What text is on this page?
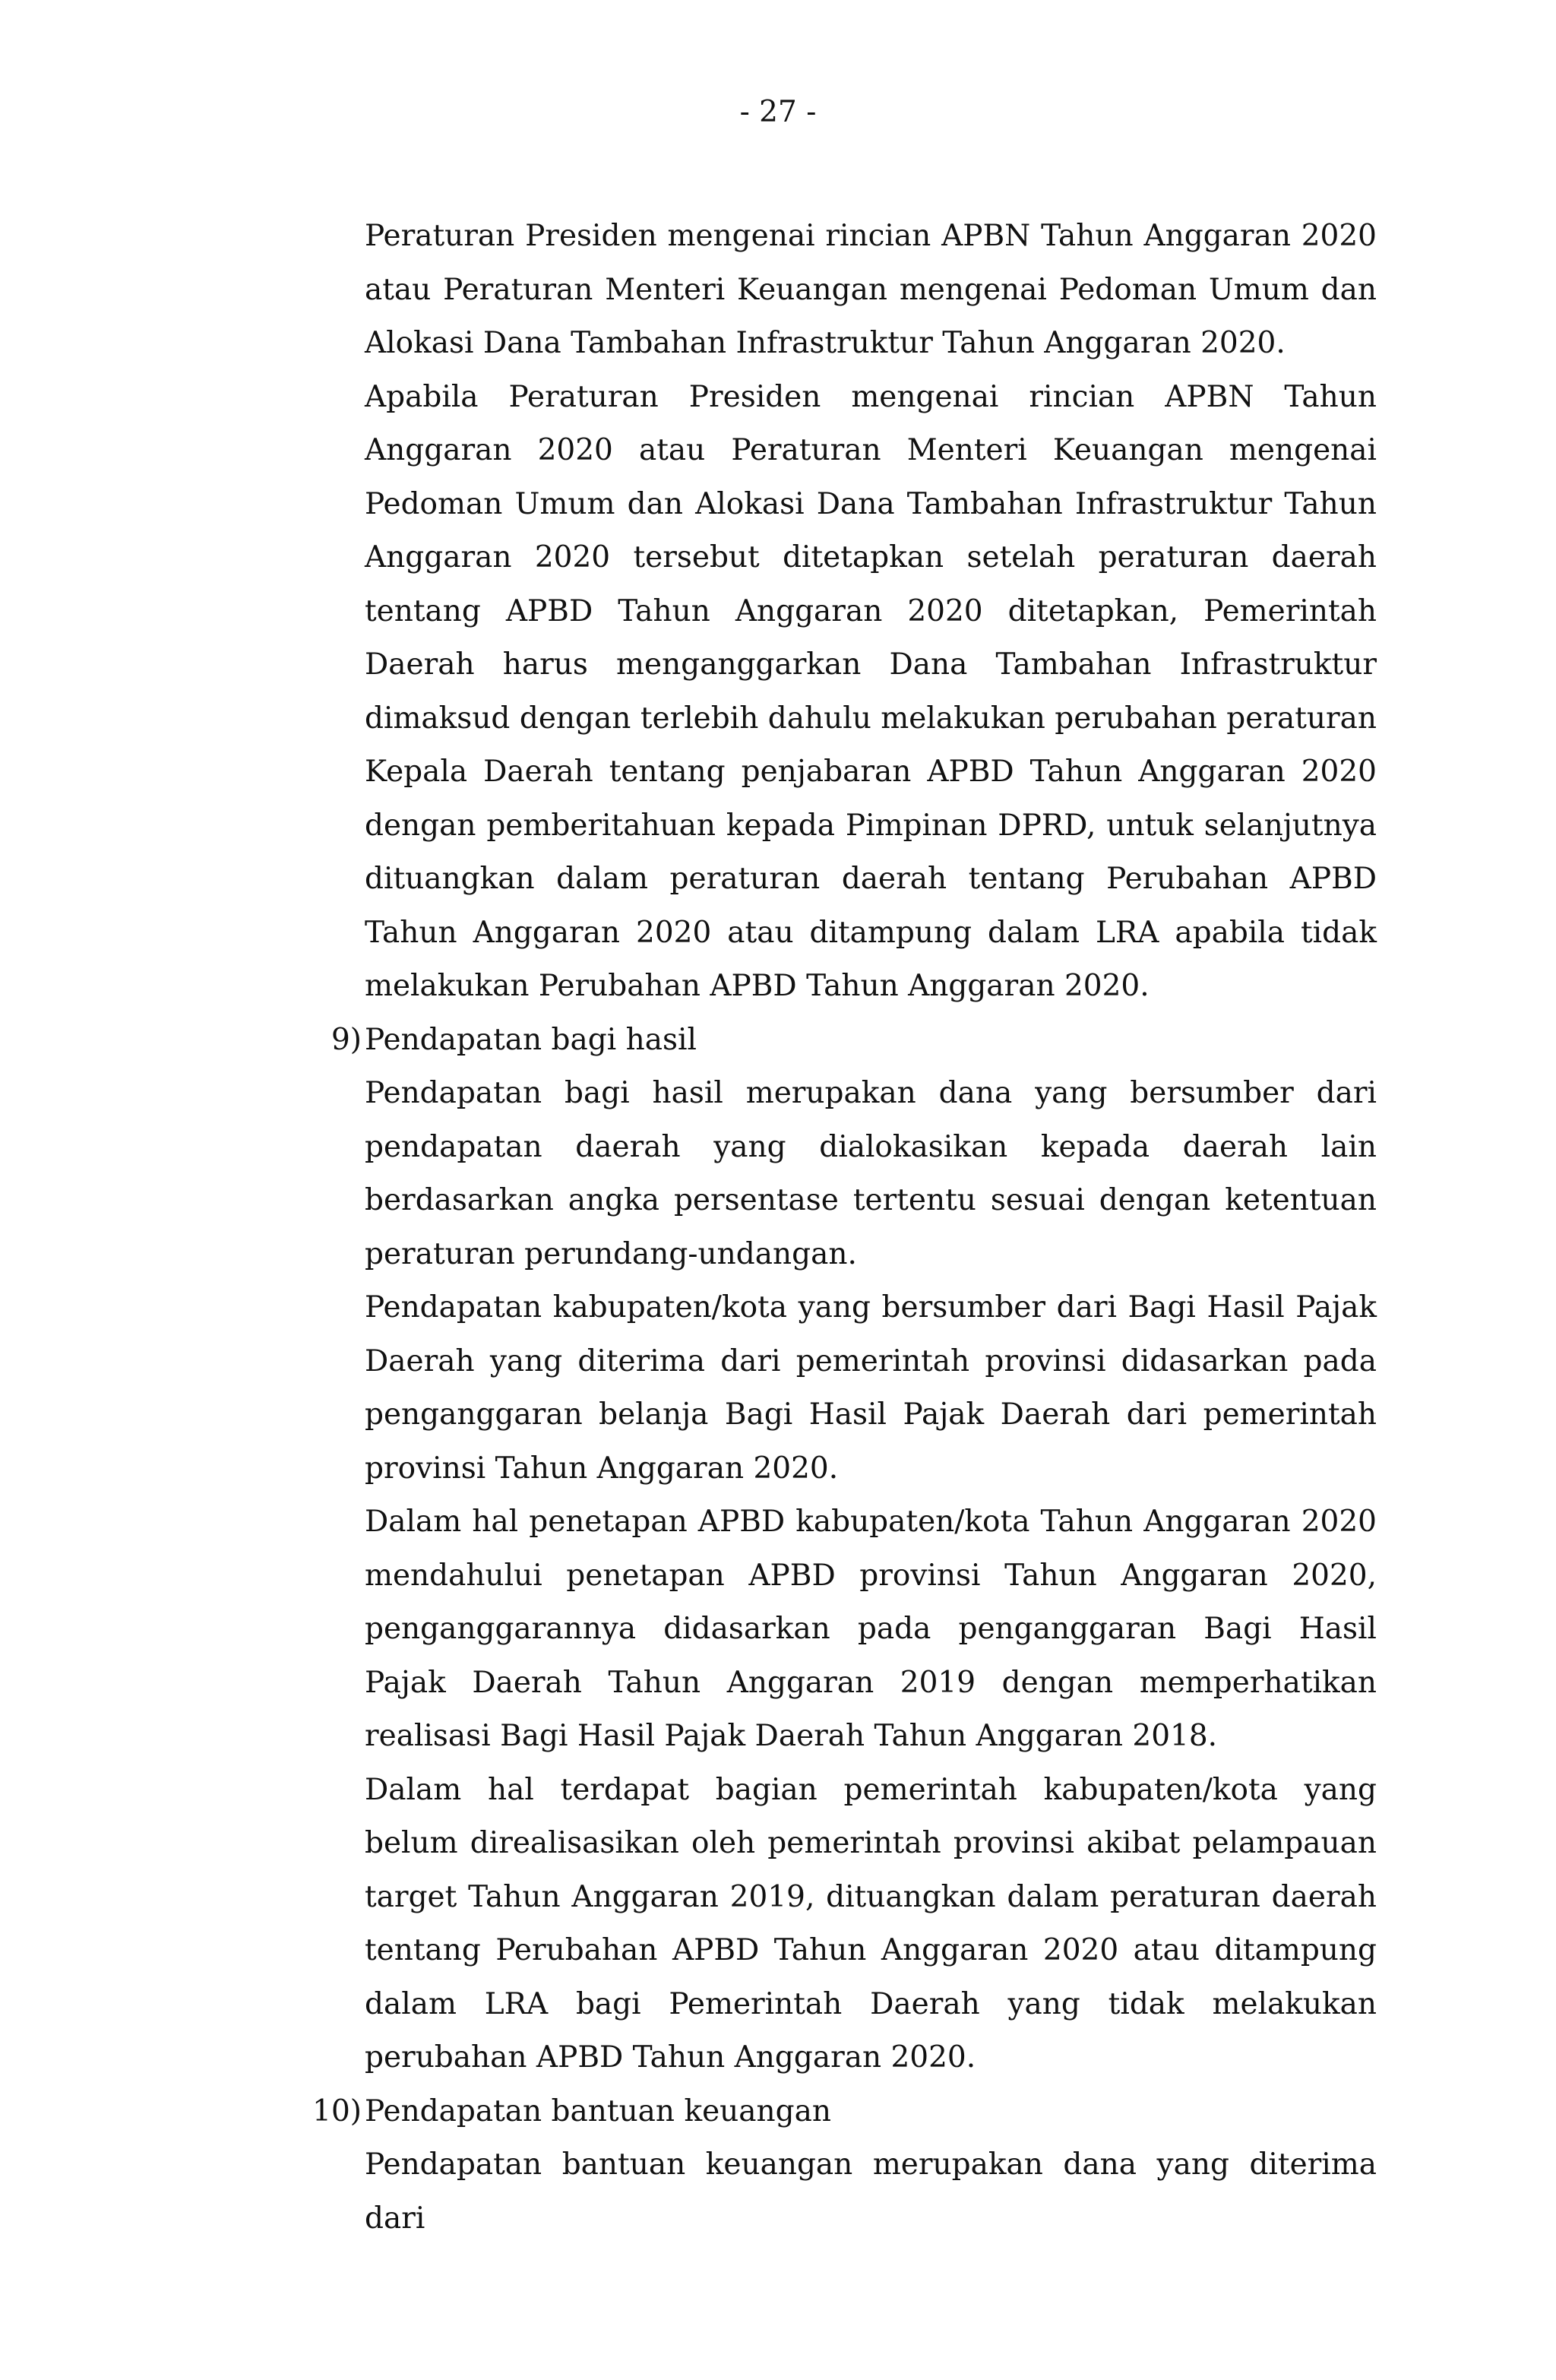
- 27 -

Peraturan Presiden mengenai rincian APBN Tahun Anggaran 2020 atau Peraturan Menteri Keuangan mengenai Pedoman Umum dan Alokasi Dana Tambahan Infrastruktur Tahun Anggaran 2020.

Apabila Peraturan Presiden mengenai rincian APBN Tahun Anggaran 2020 atau Peraturan Menteri Keuangan mengenai Pedoman Umum dan Alokasi Dana Tambahan Infrastruktur Tahun Anggaran 2020 tersebut ditetapkan setelah peraturan daerah tentang APBD Tahun Anggaran 2020 ditetapkan, Pemerintah Daerah harus menganggarkan Dana Tambahan Infrastruktur dimaksud dengan terlebih dahulu melakukan perubahan peraturan Kepala Daerah tentang penjabaran APBD Tahun Anggaran 2020 dengan pemberitahuan kepada Pimpinan DPRD, untuk selanjutnya dituangkan dalam peraturan daerah tentang Perubahan APBD Tahun Anggaran 2020 atau ditampung dalam LRA apabila tidak melakukan Perubahan APBD Tahun Anggaran 2020.

9) Pendapatan bagi hasil

Pendapatan bagi hasil merupakan dana yang bersumber dari pendapatan daerah yang dialokasikan kepada daerah lain berdasarkan angka persentase tertentu sesuai dengan ketentuan peraturan perundang-undangan.

Pendapatan kabupaten/kota yang bersumber dari Bagi Hasil Pajak Daerah yang diterima dari pemerintah provinsi didasarkan pada penganggaran belanja Bagi Hasil Pajak Daerah dari pemerintah provinsi Tahun Anggaran 2020.

Dalam hal penetapan APBD kabupaten/kota Tahun Anggaran 2020 mendahului penetapan APBD provinsi Tahun Anggaran 2020, penganggarannya didasarkan pada penganggaran Bagi Hasil Pajak Daerah Tahun Anggaran 2019 dengan memperhatikan realisasi Bagi Hasil Pajak Daerah Tahun Anggaran 2018.

Dalam hal terdapat bagian pemerintah kabupaten/kota yang belum direalisasikan oleh pemerintah provinsi akibat pelampauan target Tahun Anggaran 2019, dituangkan dalam peraturan daerah tentang Perubahan APBD Tahun Anggaran 2020 atau ditampung dalam LRA bagi Pemerintah Daerah yang tidak melakukan perubahan APBD Tahun Anggaran 2020.

10) Pendapatan bantuan keuangan

Pendapatan bantuan keuangan merupakan dana yang diterima dari
